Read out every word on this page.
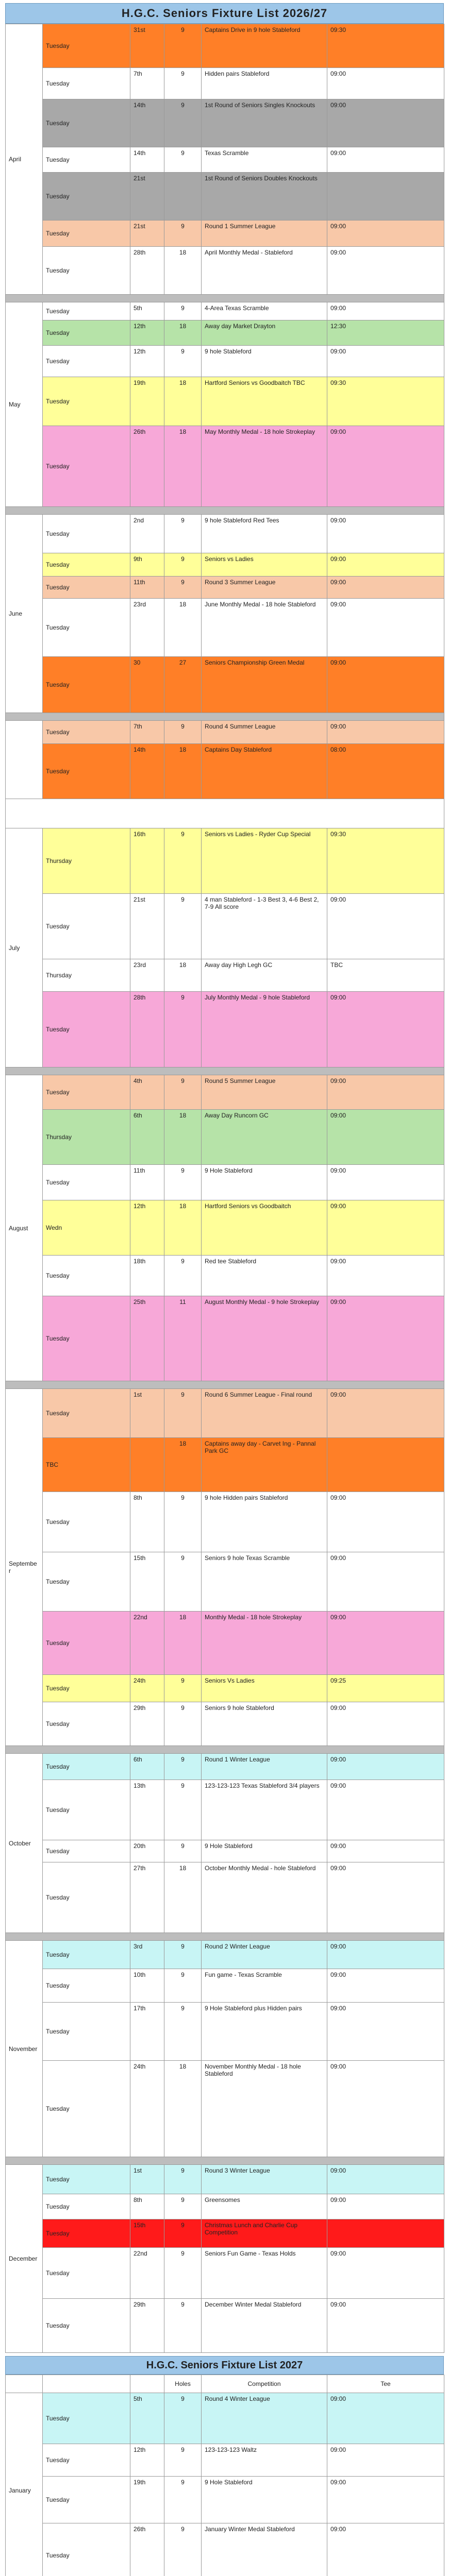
H.G.C. Seniors Fixture List 2026/27
April	Tuesday	31st	9	Captains Drive in 9 hole Stableford	09:30
	Tuesday	7th	9	Hidden pairs Stableford	09:00
	Tuesday	14th	9	1st Round of Seniors Singles Knockouts	09:00
	Tuesday	14th	9	Texas Scramble	09:00
	Tuesday	21st		1st Round of Seniors Doubles Knockouts	
	Tuesday	21st	9	Round 1 Summer League	09:00
	Tuesday	28th	18	April Monthly Medal - Stableford	09:00

May	Tuesday	5th	9	4-Area Texas Scramble	09:00
	Tuesday	12th	18	Away day Market Drayton	12:30
	Tuesday	12th	9	9 hole Stableford	09:00
	Tuesday	19th	18	Hartford Seniors vs Goodbaitch TBC	09:30
	Tuesday	26th	18	May Monthly Medal - 18 hole Strokeplay	09:00

June	Tuesday	2nd	9	9 hole Stableford Red Tees	09:00
	Tuesday	9th	9	Seniors vs Ladies	09:00
	Tuesday	11th	9	Round 3 Summer League	09:00
	Tuesday	23rd	18	June Monthly Medal - 18 hole Stableford	09:00
	Tuesday	30	27	Seniors Championship Green Medal	09:00

	Tuesday	7th	9	Round 4 Summer League	09:00
	Tuesday	14th	18	Captains Day Stableford	08:00

July	Thursday	16th	9	Seniors vs Ladies - Ryder Cup Special	09:30
	Tuesday	21st	9	4 man Stableford - 1-3 Best 3, 4-6 Best 2, 7-9 All score	09:00
	Thursday	23rd	18	Away day High Legh GC	TBC
	Tuesday	28th	9	July Monthly Medal - 9 hole Stableford	09:00

August	Tuesday	4th	9	Round 5 Summer League	09:00
	Thursday	6th	18	Away Day Runcorn GC	09:00
	Tuesday	11th	9	9 Hole Stableford	09:00
	Wedn	12th	18	Hartford Seniors vs Goodbaitch	09:00
	Tuesday	18th	9	Red tee Stableford	09:00
	Tuesday	25th	11	August Monthly Medal - 9 hole Strokeplay	09:00

Septembe r	Tuesday	1st	9	Round 6 Summer League - Final round	09:00
	TBC		18	Captains away day - Carvet Ing - Pannal Park GC	
	Tuesday	8th	9	9 hole Hidden pairs Stableford	09:00
	Tuesday	15th	9	Seniors 9 hole Texas Scramble	09:00
	Tuesday	22nd	18	Monthly Medal - 18 hole Strokeplay	09:00
	Tuesday	24th	9	Seniors Vs Ladies	09:25
	Tuesday	29th	9	Seniors 9 hole Stableford	09:00

October	Tuesday	6th	9	Round 1 Winter League	09:00
	Tuesday	13th	9	123-123-123 Texas Stableford 3/4 players	09:00
	Tuesday	20th	9	9 Hole Stableford	09:00
	Tuesday	27th	18	October Monthly Medal - hole Stableford	09:00

November	Tuesday	3rd	9	Round 2 Winter League	09:00
	Tuesday	10th	9	Fun game - Texas Scramble	09:00
	Tuesday	17th	9	9 Hole Stableford plus Hidden pairs	09:00
	Tuesday	24th	18	November Monthly Medal - 18 hole Stableford	09:00

December	Tuesday	1st	9	Round 3 Winter League	09:00
	Tuesday	8th	9	Greensomes	09:00
	Tuesday	15th	9	Christmas Lunch and Charlie Cup Competition	
	Tuesday	22nd	9	Seniors Fun Game - Texas Holds	09:00
	Tuesday	29th	9	December Winter Medal Stableford	09:00
H.G.C. Seniors Fixture List 2027
			Holes	Competition	Tee
January	Tuesday	5th	9	Round 4 Winter League	09:00
	Tuesday	12th	9	123-123-123 Waltz	09:00
	Tuesday	19th	9	9 Hole Stableford	09:00
	Tuesday	26th	9	January Winter Medal Stableford	09:00
